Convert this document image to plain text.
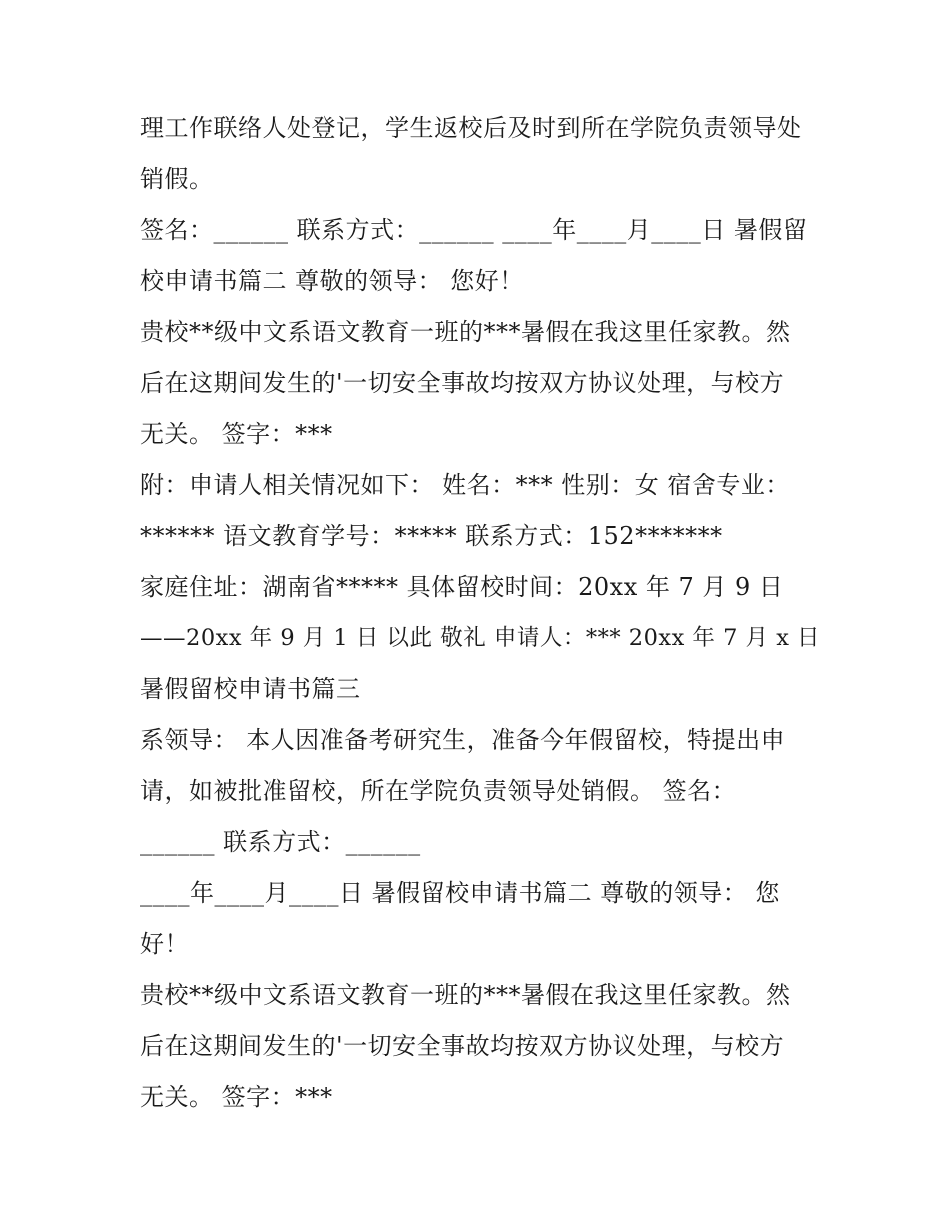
理工作联络人处登记，学生返校后及时到所在学院负责领导处
销假。
签名：______ 联系方式：______ ____年____月____日 暑假留
校申请书篇二 尊敬的领导： 您好！
贵校**级中文系语文教育一班的***暑假在我这里任家教。然
后在这期间发生的'一切安全事故均按双方协议处理，与校方
无关。 签字：***
附：申请人相关情况如下： 姓名：*** 性别：女 宿舍专业：
****** 语文教育学号：***** 联系方式：152*******
家庭住址：湖南省***** 具体留校时间：20xx 年 7 月 9 日
——20xx 年 9 月 1 日 以此 敬礼 申请人：*** 20xx 年 7 月 x 日
暑假留校申请书篇三
系领导： 本人因准备考研究生，准备今年假留校，特提出申
请，如被批准留校，所在学院负责领导处销假。 签名：
______ 联系方式：______
____年____月____日 暑假留校申请书篇二 尊敬的领导： 您
好！
贵校**级中文系语文教育一班的***暑假在我这里任家教。然
后在这期间发生的'一切安全事故均按双方协议处理，与校方
无关。 签字：***
